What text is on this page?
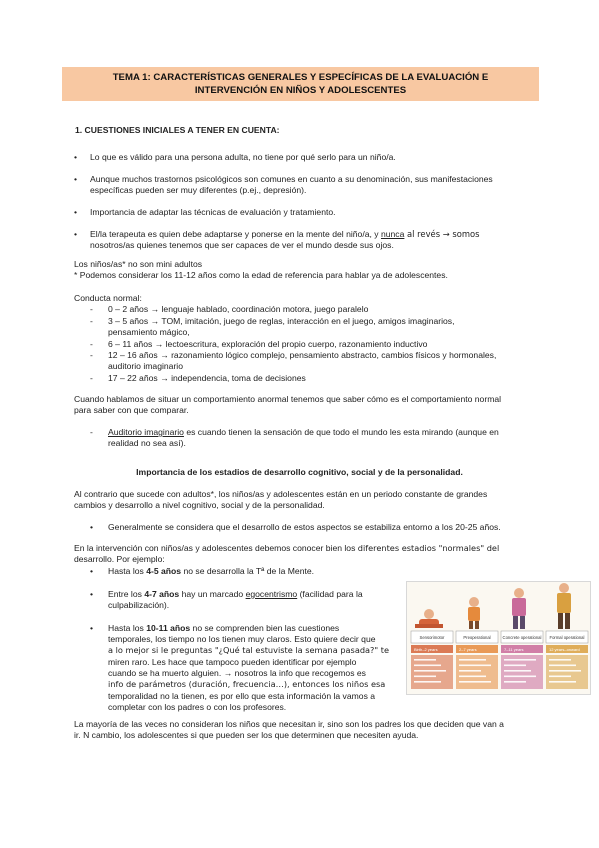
TEMA 1: CARACTERÍSTICAS GENERALES Y ESPECÍFICAS DE LA EVALUACIÓN E
INTERVENCIÓN EN NIÑOS Y ADOLESCENTES
1. CUESTIONES INICIALES A TENER EN CUENTA:
• Lo que es válido para una persona adulta, no tiene por qué serlo para un niño/a.
• Aunque muchos trastornos psicológicos son comunes en cuanto a su denominación, sus manifestaciones
específicas pueden ser muy diferentes (p.ej., depresión).
• Importancia de adaptar las técnicas de evaluación y tratamiento.
• El/la terapeuta es quien debe adaptarse y ponerse en la mente del niño/a, y nunca al revés → somos
nosotros/as quienes tenemos que ser capaces de ver el mundo desde sus ojos.
Los niños/as* no son mini adultos
* Podemos considerar los 11-12 años como la edad de referencia para hablar ya de adolescentes.
Conducta normal:
- 0 – 2 años → lenguaje hablado, coordinación motora, juego paralelo
- 3 – 5 años → TOM, imitación, juego de reglas, interacción en el juego, amigos imaginarios,
pensamiento mágico,
- 6 – 11 años → lectoescritura, exploración del propio cuerpo, razonamiento inductivo
- 12 – 16 años → razonamiento lógico complejo, pensamiento abstracto, cambios físicos y hormonales,
auditorio imaginario
- 17 – 22 años → independencia, toma de decisiones
Cuando hablamos de situar un comportamiento anormal tenemos que saber cómo es el comportamiento normal
para saber con que comparar.
- Auditorio imaginario es cuando tienen la sensación de que todo el mundo les esta mirando (aunque en
realidad no sea así).
Importancia de los estadios de desarrollo cognitivo, social y de la personalidad.
Al contrario que sucede con adultos*, los niños/as y adolescentes están en un periodo constante de grandes
cambios y desarrollo a nivel cognitivo, social y de la personalidad.
• Generalmente se considera que el desarrollo de estos aspectos se estabiliza entorno a los 20-25 años.
En la intervención con niños/as y adolescentes debemos conocer bien los diferentes estadios "normales" del
desarrollo. Por ejemplo:
• Hasta los 4-5 años no se desarrolla la Tª de la Mente.
• Entre los 4-7 años hay un marcado egocentrismo (facilidad para la
culpabilización).
• Hasta los 10-11 años no se comprenden bien las cuestiones
temporales, los tiempo no los tienen muy claros. Esto quiere decir que
a lo mejor si le preguntas "¿Qué tal estuviste la semana pasada?" te
miren raro. Les hace que tampoco pueden identificar por ejemplo
cuando se ha muerto alguien. → nosotros la info que recogemos es
info de parámetros (duración, frecuencia…), entonces los niños esa
temporalidad no la tienen, es por ello que esta información la vamos a
completar con los padres o con los profesores.
La mayoría de las veces no consideran los niños que necesitan ir, sino son los padres los que deciden que van a
ir. N cambio, los adolescentes si que pueden ser los que determinen que necesiten ayuda.
Sensorimotor
Birth–2 years
Preoperational
2–7 years
Concrete operational
7–11 years
Formal operational
12 years–onward
